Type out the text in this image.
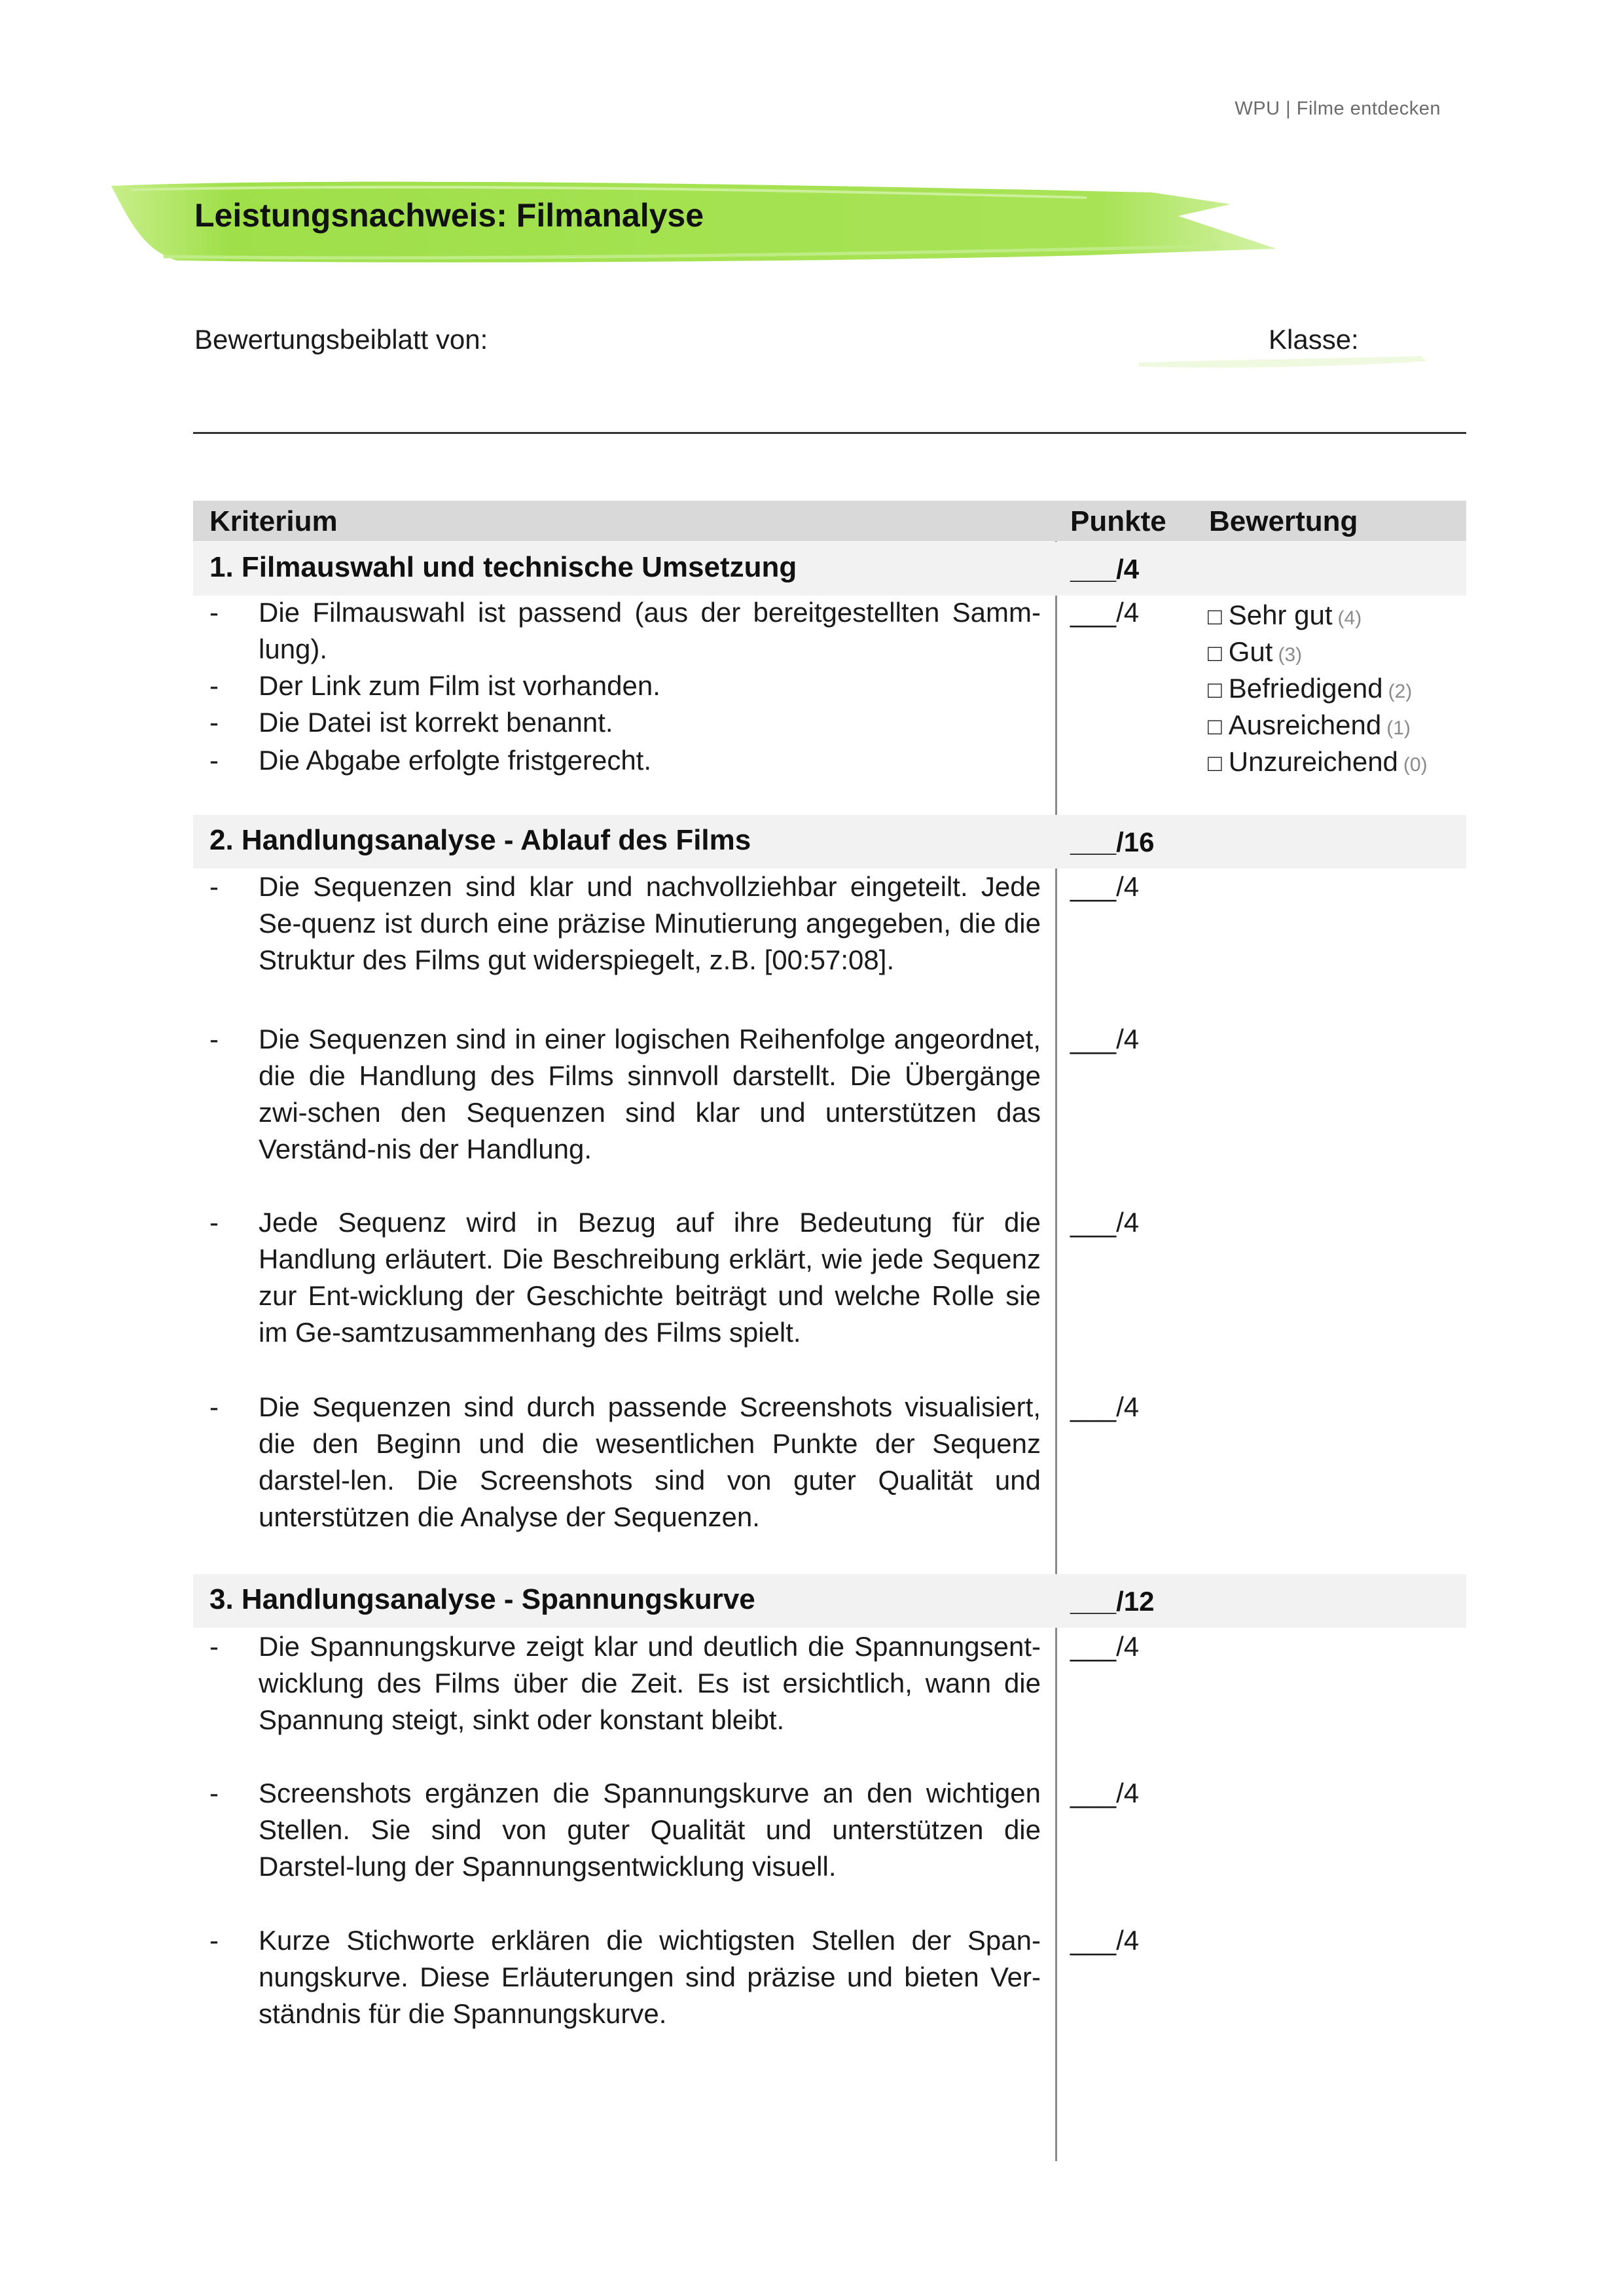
WPU | Filme entdecken
Leistungsnachweis: Filmanalyse
Bewertungsbeiblatt von:	Klasse:
Kriterium	Punkte Bewertung
1. Filmauswahl und technische Umsetzung	___/4
- Die Filmauswahl ist passend (aus der bereitgestellten Samm-
lung).
- Der Link zum Film ist vorhanden.
- Die Datei ist korrekt benannt.
- Die Abgabe erfolgte fristgerecht.
___/4	□ Sehr gut (4)
□ Gut (3)
□ Befriedigend (2)
□ Ausreichend (1)
□ Unzureichend (0)
2. Handlungsanalyse - Ablauf des Films	___/16
- Die Sequenzen sind klar und nachvollziehbar eingeteilt. Jede Se-quenz ist durch eine präzise Minutierung angegeben, die die Struktur des Films gut widerspiegelt, z.B. [00:57:08].
___/4
- Die Sequenzen sind in einer logischen Reihenfolge angeordnet, die die Handlung des Films sinnvoll darstellt. Die Übergänge zwi-schen den Sequenzen sind klar und unterstützen das Verständ-nis der Handlung.
___/4
- Jede Sequenz wird in Bezug auf ihre Bedeutung für die Handlung erläutert. Die Beschreibung erklärt, wie jede Sequenz zur Ent-wicklung der Geschichte beiträgt und welche Rolle sie im Ge-samtzusammenhang des Films spielt.
___/4
- Die Sequenzen sind durch passende Screenshots visualisiert, die den Beginn und die wesentlichen Punkte der Sequenz darstel-len. Die Screenshots sind von guter Qualität und unterstützen die Analyse der Sequenzen.
___/4
3. Handlungsanalyse - Spannungskurve	___/12
- Die Spannungskurve zeigt klar und deutlich die Spannungsent-wicklung des Films über die Zeit. Es ist ersichtlich, wann die Spannung steigt, sinkt oder konstant bleibt.
___/4
- Screenshots ergänzen die Spannungskurve an den wichtigen Stellen. Sie sind von guter Qualität und unterstützen die Darstel-lung der Spannungsentwicklung visuell.
___/4
- Kurze Stichworte erklären die wichtigsten Stellen der Span-nungskurve. Diese Erläuterungen sind präzise und bieten Ver-ständnis für die Spannungskurve.
___/4
